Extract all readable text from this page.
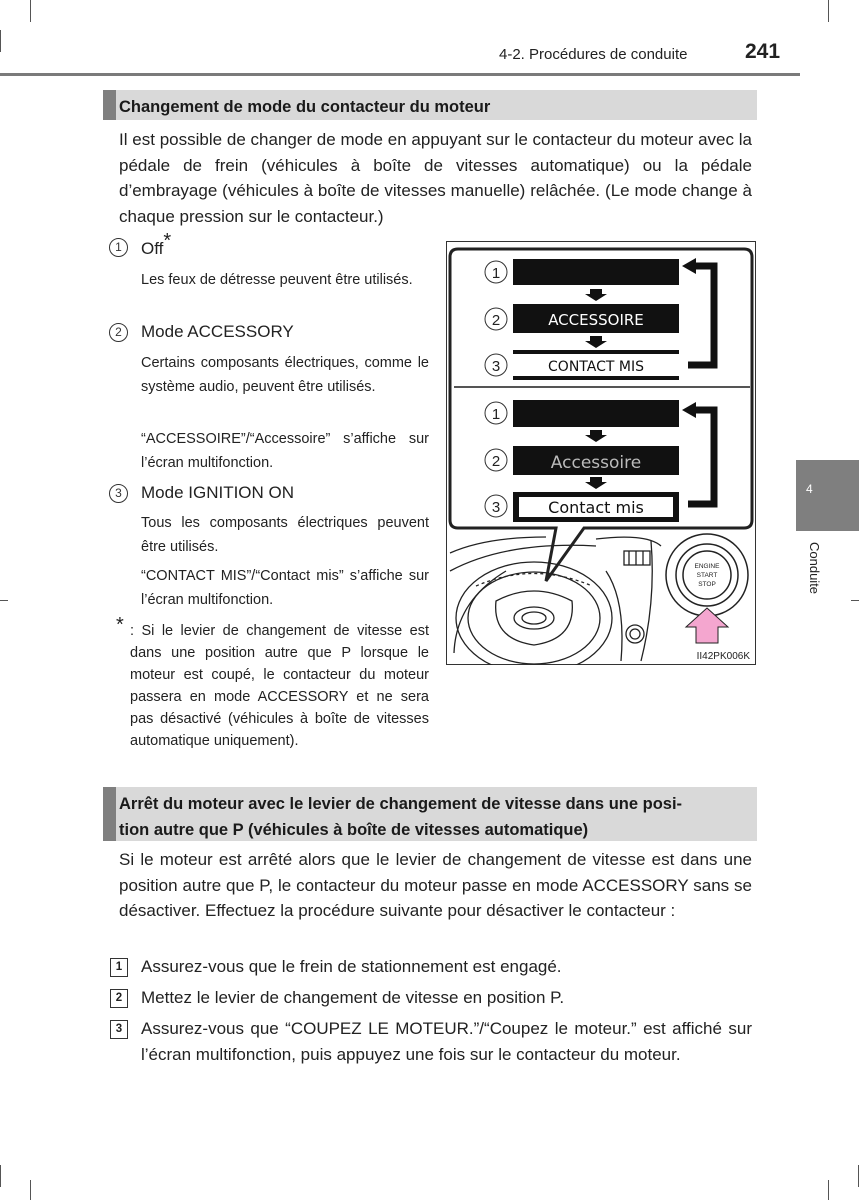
4-2. Procédures de conduite	241
4
Conduite
Changement de mode du contacteur du moteur
Il est possible de changer de mode en appuyant sur le contacteur du moteur avec la pédale de frein (véhicules à boîte de vitesses automatique) ou la pédale d’embrayage (véhicules à boîte de vitesses manuelle) relâchée. (Le mode change à chaque pression sur le contacteur.)
1	Off*
Les feux de détresse peuvent être utilisés.
2	Mode ACCESSORY
Certains composants électriques, comme le système audio, peuvent être utilisés.
“ACCESSOIRE”/“Accessoire” s’affiche sur l’écran multifonction.
3	Mode IGNITION ON
Tous les composants électriques peuvent être utilisés.
“CONTACT MIS”/“Contact mis” s’affiche sur l’écran multifonction.
* : Si le levier de changement de vitesse est dans une position autre que P lorsque le moteur est coupé, le contacteur du moteur passera en mode ACCESSORY et ne sera pas désactivé (véhicules à boîte de vitesses automatique uniquement).
1
2	ACCESSOIRE
3	CONTACT MIS
1
2	Accessoire
3	Contact mis
ENGINE
START
STOP
II42PK006K
Arrêt du moteur avec le levier de changement de vitesse dans une posi-
tion autre que P (véhicules à boîte de vitesses automatique)
Si le moteur est arrêté alors que le levier de changement de vitesse est dans une position autre que P, le contacteur du moteur passe en mode ACCESSORY sans se désactiver. Effectuez la procédure suivante pour désactiver le contacteur :
1	Assurez-vous que le frein de stationnement est engagé.
2	Mettez le levier de changement de vitesse en position P.
3	Assurez-vous que “COUPEZ LE MOTEUR.”/“Coupez le moteur.” est affiché sur l’écran multifonction, puis appuyez une fois sur le contacteur du moteur.
